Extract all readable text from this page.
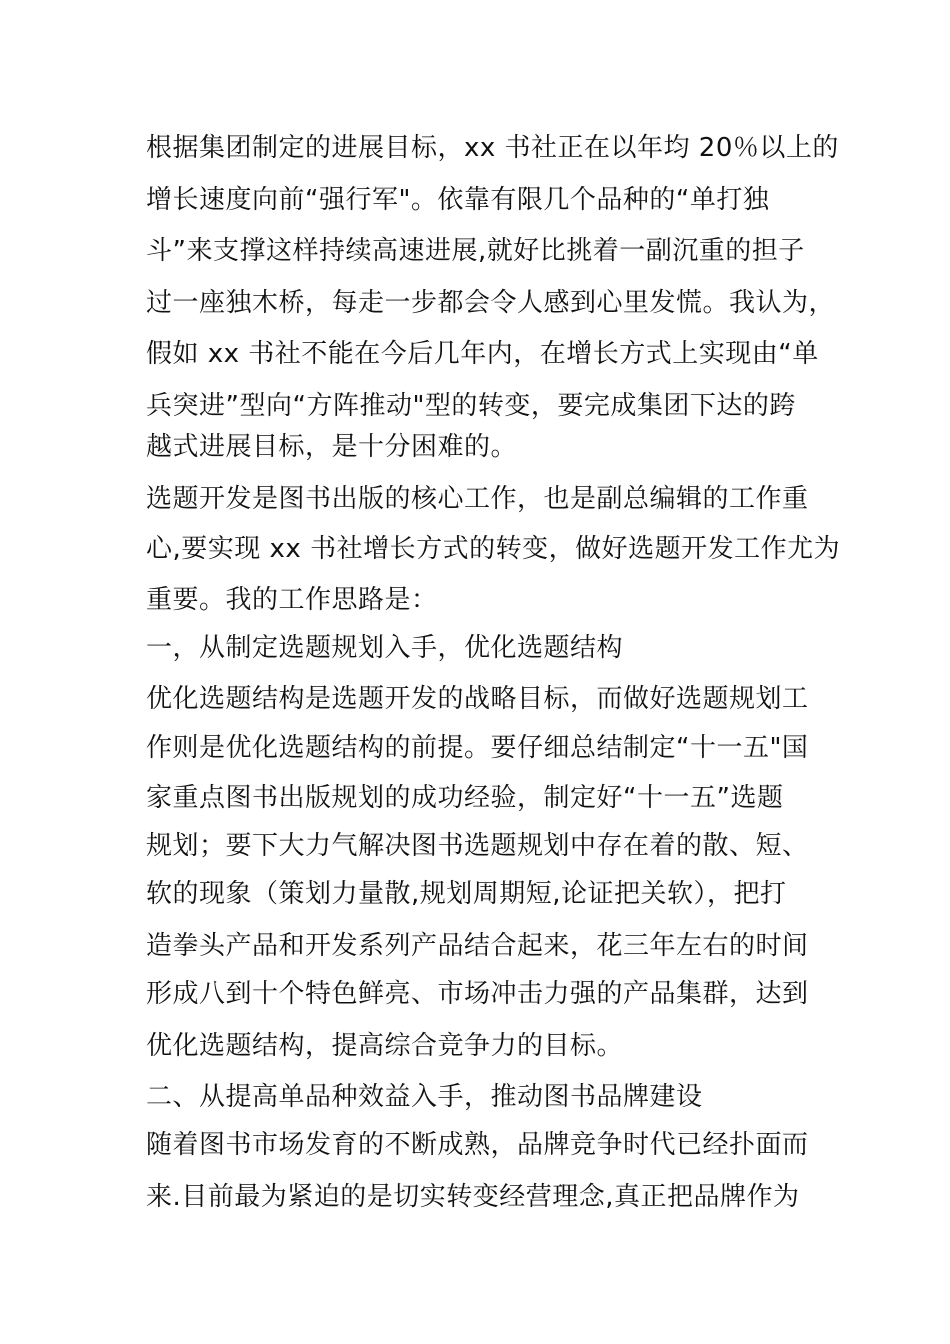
根据集团制定的进展目标，xx 书社正在以年均 20％以上的
增长速度向前“强行军"。依靠有限几个品种的“单打独
斗”来支撑这样持续高速进展,就好比挑着一副沉重的担子
过一座独木桥，每走一步都会令人感到心里发慌。我认为，
假如 xx 书社不能在今后几年内，在增长方式上实现由“单
兵突进”型向“方阵推动"型的转变，要完成集团下达的跨
越式进展目标，是十分困难的。
选题开发是图书出版的核心工作，也是副总编辑的工作重
心,要实现 xx 书社增长方式的转变，做好选题开发工作尤为
重要。我的工作思路是：
一，从制定选题规划入手，优化选题结构
优化选题结构是选题开发的战略目标，而做好选题规划工
作则是优化选题结构的前提。要仔细总结制定“十一五"国
家重点图书出版规划的成功经验，制定好“十一五”选题
规划；要下大力气解决图书选题规划中存在着的散、短、
软的现象（策划力量散,规划周期短,论证把关软），把打
造拳头产品和开发系列产品结合起来，花三年左右的时间
形成八到十个特色鲜亮、市场冲击力强的产品集群，达到
优化选题结构，提高综合竞争力的目标。
二、从提高单品种效益入手，推动图书品牌建设
随着图书市场发育的不断成熟，品牌竞争时代已经扑面而
来.目前最为紧迫的是切实转变经营理念,真正把品牌作为
